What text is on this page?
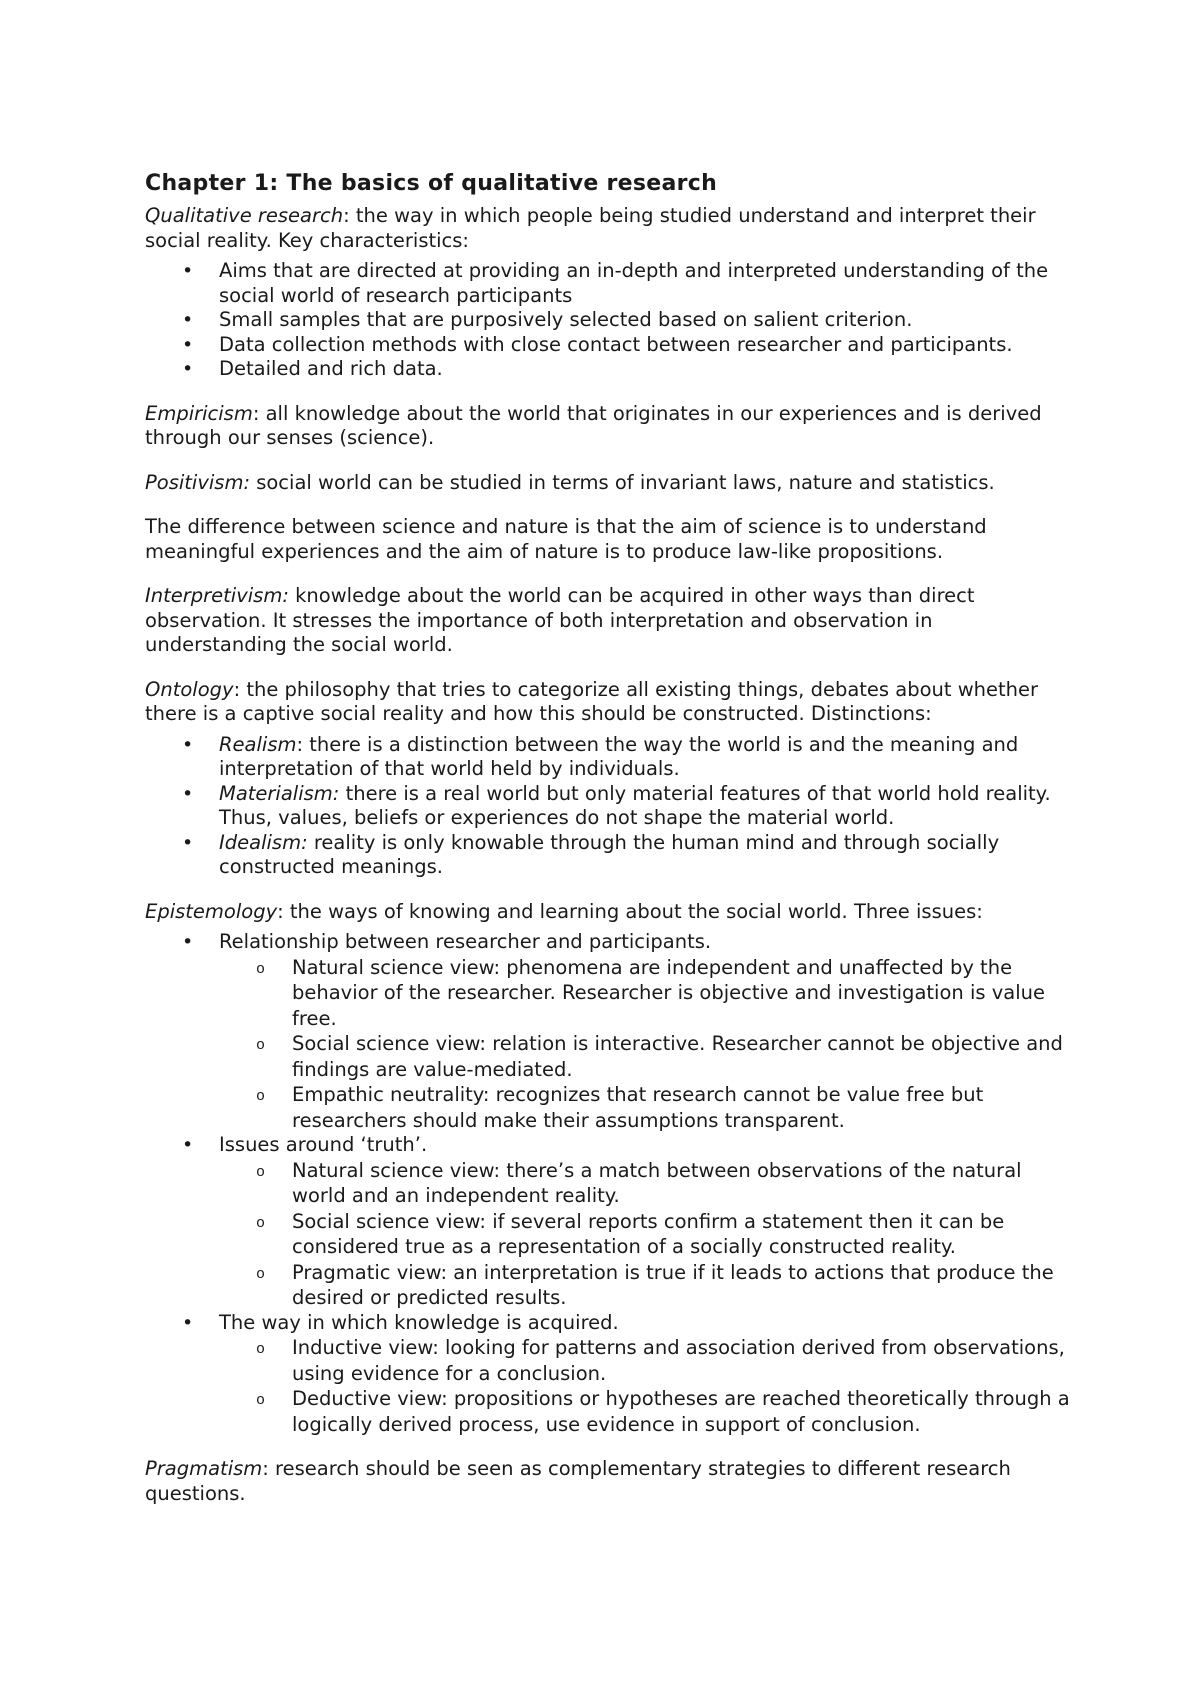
Chapter 1: The basics of qualitative research

Qualitative research: the way in which people being studied understand and interpret their social reality. Key characteristics:

• Aims that are directed at providing an in-depth and interpreted understanding of the social world of research participants
• Small samples that are purposively selected based on salient criterion.
• Data collection methods with close contact between researcher and participants.
• Detailed and rich data.

Empiricism: all knowledge about the world that originates in our experiences and is derived through our senses (science).

Positivism: social world can be studied in terms of invariant laws, nature and statistics.

The difference between science and nature is that the aim of science is to understand meaningful experiences and the aim of nature is to produce law-like propositions.

Interpretivism: knowledge about the world can be acquired in other ways than direct observation. It stresses the importance of both interpretation and observation in understanding the social world.

Ontology: the philosophy that tries to categorize all existing things, debates about whether there is a captive social reality and how this should be constructed. Distinctions:

• Realism: there is a distinction between the way the world is and the meaning and interpretation of that world held by individuals.
• Materialism: there is a real world but only material features of that world hold reality. Thus, values, beliefs or experiences do not shape the material world.
• Idealism: reality is only knowable through the human mind and through socially constructed meanings.

Epistemology: the ways of knowing and learning about the social world. Three issues:

• Relationship between researcher and participants.
o Natural science view: phenomena are independent and unaffected by the behavior of the researcher. Researcher is objective and investigation is value free.
o Social science view: relation is interactive. Researcher cannot be objective and findings are value-mediated.
o Empathic neutrality: recognizes that research cannot be value free but researchers should make their assumptions transparent.
• Issues around ‘truth’.
o Natural science view: there’s a match between observations of the natural world and an independent reality.
o Social science view: if several reports confirm a statement then it can be considered true as a representation of a socially constructed reality.
o Pragmatic view: an interpretation is true if it leads to actions that produce the desired or predicted results.
• The way in which knowledge is acquired.
o Inductive view: looking for patterns and association derived from observations, using evidence for a conclusion.
o Deductive view: propositions or hypotheses are reached theoretically through a logically derived process, use evidence in support of conclusion.

Pragmatism: research should be seen as complementary strategies to different research questions.
